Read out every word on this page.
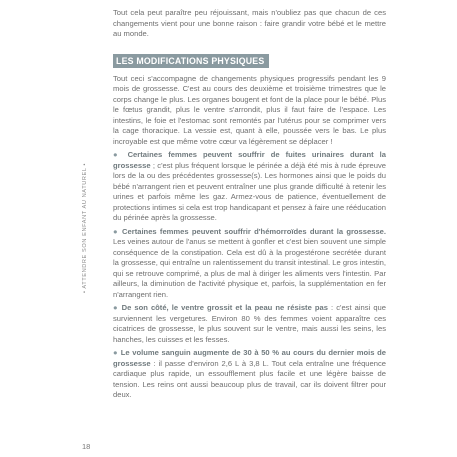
Tout cela peut paraître peu réjouissant, mais n'oubliez pas que chacun de ces changements vient pour une bonne raison : faire grandir votre bébé et le mettre au monde.

LES MODIFICATIONS PHYSIQUES

Tout ceci s'accompagne de changements physiques progressifs pendant les 9 mois de grossesse. C'est au cours des deuxième et troisième trimestres que le corps change le plus. Les organes bougent et font de la place pour le bébé. Plus le fœtus grandit, plus le ventre s'arrondit, plus il faut faire de l'espace. Les intestins, le foie et l'estomac sont remontés par l'utérus pour se comprimer vers la cage thoracique. La vessie est, quant à elle, poussée vers le bas. Le plus incroyable est que même votre cœur va légèrement se déplacer !

● Certaines femmes peuvent souffrir de fuites urinaires durant la grossesse ; c'est plus fréquent lorsque le périnée a déjà été mis à rude épreuve lors de la ou des précédentes grossesse(s). Les hormones ainsi que le poids du bébé n'arrangent rien et peuvent entraîner une plus grande difficulté à retenir les urines et parfois même les gaz. Armez-vous de patience, éventuellement de protections intimes si cela est trop handicapant et pensez à faire une rééducation du périnée après la grossesse.

● Certaines femmes peuvent souffrir d'hémorroïdes durant la grossesse. Les veines autour de l'anus se mettent à gonfler et c'est bien souvent une simple conséquence de la constipation. Cela est dû à la progestérone secrétée durant la grossesse, qui entraîne un ralentissement du transit intestinal. Le gros intestin, qui se retrouve comprimé, a plus de mal à diriger les aliments vers l'intestin. Par ailleurs, la diminution de l'activité physique et, parfois, la supplémentation en fer n'arrangent rien.

● De son côté, le ventre grossit et la peau ne résiste pas : c'est ainsi que surviennent les vergetures. Environ 80 % des femmes voient apparaître ces cicatrices de grossesse, le plus souvent sur le ventre, mais aussi les seins, les hanches, les cuisses et les fesses.

● Le volume sanguin augmente de 30 à 50 % au cours du dernier mois de grossesse : il passe d'environ 2,6 L à 3,8 L. Tout cela entraîne une fréquence cardiaque plus rapide, un essoufflement plus facile et une légère baisse de tension. Les reins ont aussi beaucoup plus de travail, car ils doivent filtrer pour deux.

• ATTENDRE SON ENFANT AU NATUREL •
18
